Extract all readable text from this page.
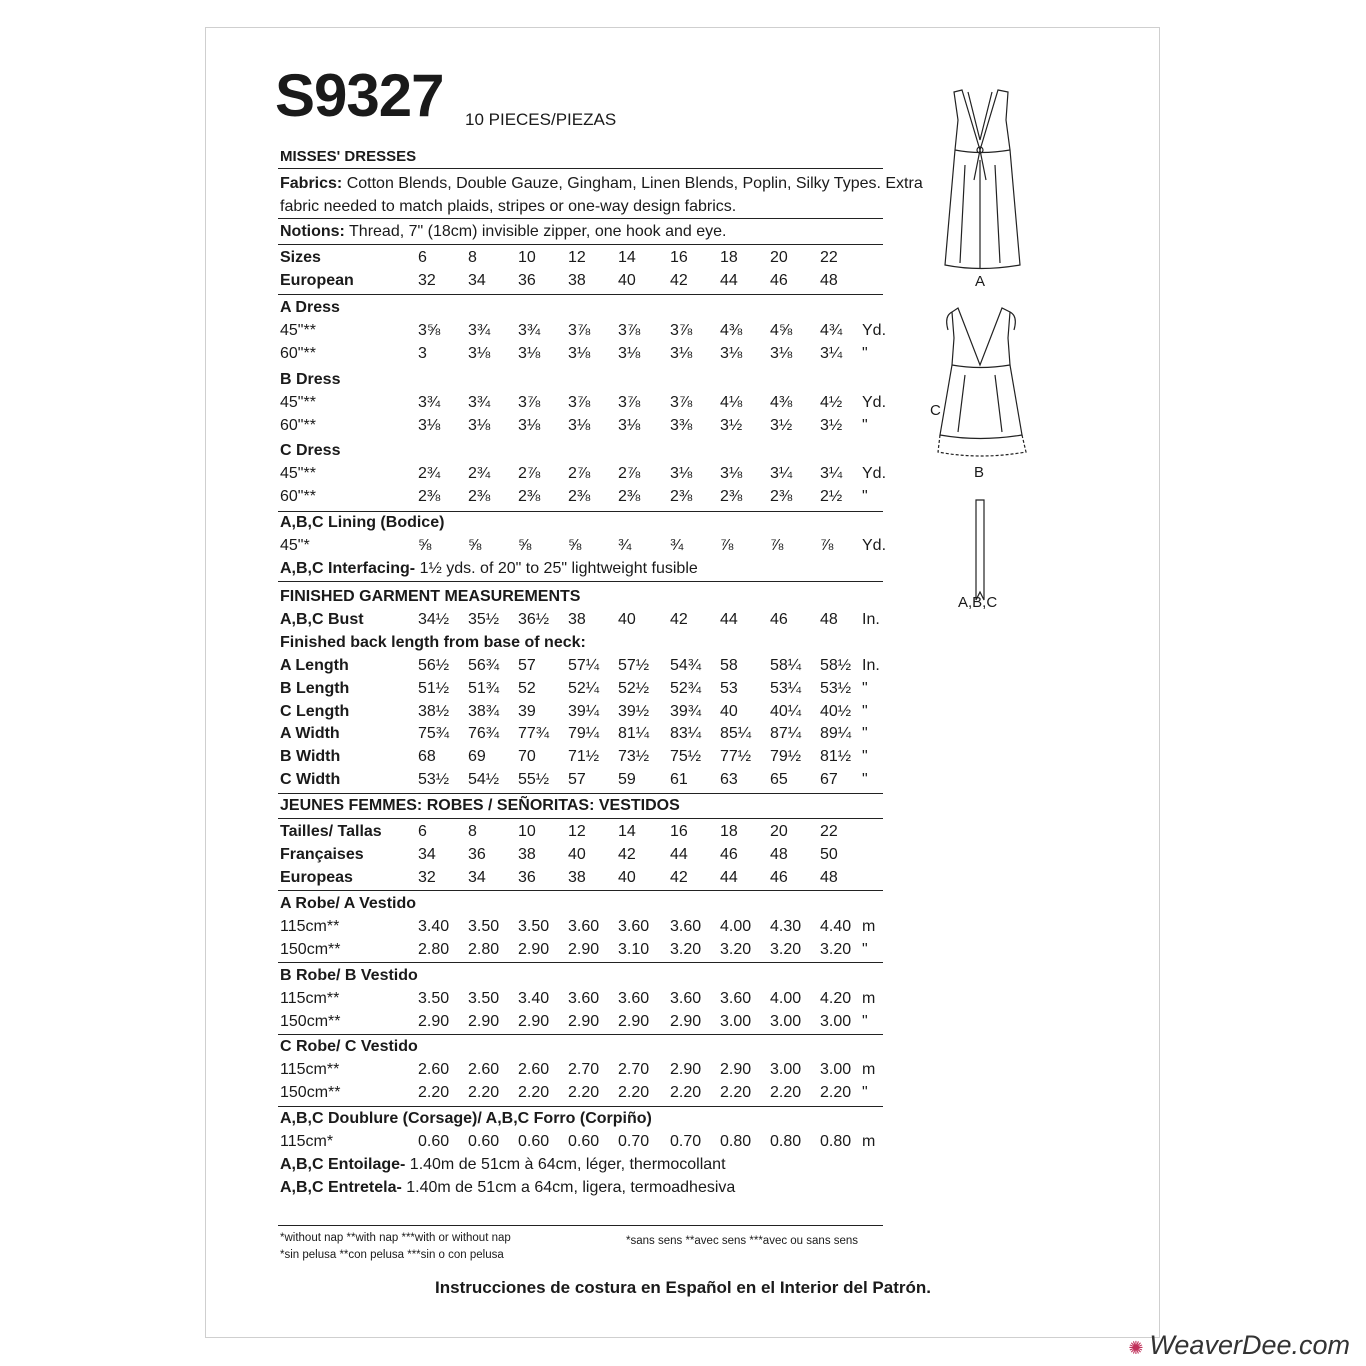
S9327 10 PIECES/PIEZAS
MISSES' DRESSES
Fabrics: Cotton Blends, Double Gauze, Gingham, Linen Blends, Poplin, Silky Types. Extra
fabric needed to match plaids, stripes or one-way design fabrics.
Notions: Thread, 7" (18cm) invisible zipper, one hook and eye.
Sizes	6	8	10 12 14 16 18 20 22
European	32 34 36 38 40 42 44 46 48
A Dress
45"**	3⅝ 3¾ 3¾ 3⅞ 3⅞ 3⅞ 4⅜ 4⅝ 4¾ Yd.
60"**	3	3⅛ 3⅛ 3⅛ 3⅛ 3⅛ 3⅛ 3⅛ 3¼ "
B Dress
45"**	3¾ 3¾ 3⅞ 3⅞ 3⅞ 3⅞ 4⅛ 4⅜ 4½ Yd.
60"**	3⅛ 3⅛ 3⅛ 3⅛ 3⅛ 3⅜ 3½ 3½ 3½ "
C Dress
45"**	2¾ 2¾ 2⅞ 2⅞ 2⅞ 3⅛ 3⅛ 3¼ 3¼ Yd.
60"**	2⅜ 2⅜ 2⅜ 2⅜ 2⅜ 2⅜ 2⅜ 2⅜ 2½ "
A,B,C Lining (Bodice)
45"*	⅝ ⅝ ⅝ ⅝ ¾ ¾ ⅞ ⅞ ⅞ Yd.
FINISHED GARMENT MEASUREMENTS
A,B,C Bust	34½ 35½ 36½ 38 40 42 44 46 48 In.
Finished back length from base of neck:
A Length	56½ 56¾ 57 57¼ 57½ 54¾ 58 58¼ 58½ In.
B Length	51½ 51¾ 52 52¼ 52½ 52¾ 53 53¼ 53½ "
C Length	38½ 38¾ 39 39¼ 39½ 39¾ 40 40¼ 40½ "
A Width	75¾ 76¾ 77¾ 79¼ 81¼ 83¼ 85¼ 87¼ 89¼ "
B Width	68 69 70 71½ 73½ 75½ 77½ 79½ 81½ "
C Width	53½ 54½ 55½ 57 59 61 63 65 67 "
JEUNES FEMMES: ROBES / SEÑORITAS: VESTIDOS
Tailles/ Tallas 6	8	10 12 14 16 18 20 22
Françaises	34 36 38 40 42 44 46 48 50
Europeas	32 34 36 38 40 42 44 46 48
A Robe/ A Vestido
115cm**	3.40 3.50 3.50 3.60 3.60 3.60 4.00 4.30 4.40 m
150cm**	2.80 2.80 2.90 2.90 3.10 3.20 3.20 3.20 3.20 "
B Robe/ B Vestido
115cm**	3.50 3.50 3.40 3.60 3.60 3.60 3.60 4.00 4.20 m
150cm**	2.90 2.90 2.90 2.90 2.90 2.90 3.00 3.00 3.00 "
C Robe/ C Vestido
115cm**	2.60 2.60 2.60 2.70 2.70 2.90 2.90 3.00 3.00 m
150cm**	2.20 2.20 2.20 2.20 2.20 2.20 2.20 2.20 2.20 "
A,B,C Doublure (Corsage)/ A,B,C Forro (Corpiño)
115cm*	0.60 0.60 0.60 0.60 0.70 0.70 0.80 0.80 0.80 m
A,B,C Interfacing- 1½ yds. of 20" to 25" lightweight fusible
A,B,C Entoilage- 1.40m de 51cm à 64cm, léger, thermocollant
A,B,C Entretela- 1.40m de 51cm a 64cm, ligera, termoadhesiva
*without nap **with nap ***with or without nap
*sin pelusa **con pelusa ***sin o con pelusa
*sans sens **avec sens ***avec ou sans sens
Instrucciones de costura en Español en el Interior del Patrón.
A
C
B
A,B,C
✺ WeaverDee.com
